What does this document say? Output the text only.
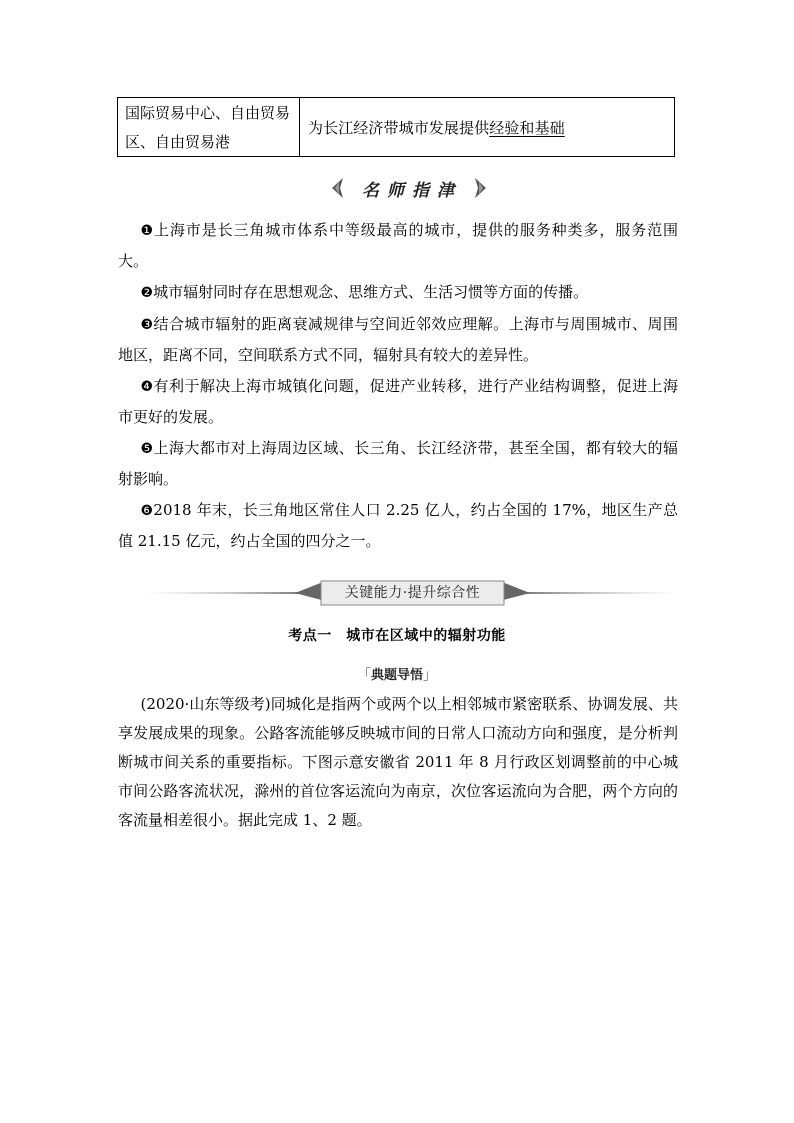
国际贸易中心、自由贸易区、自由贸易港
为长江经济带城市发展提供 经验和基础
名师指津

❶上海市是长三角城市体系中等级最高的城市，提供的服务种类多，服务范围大。

❷城市辐射同时存在思想观念、思维方式、生活习惯等方面的传播。

❸结合城市辐射的距离衰减规律与空间近邻效应理解。上海市与周围城市、周围地区，距离不同，空间联系方式不同，辐射具有较大的差异性。

❹有利于解决上海市城镇化问题，促进产业转移，进行产业结构调整，促进上海市更好的发展。

❺上海大都市对上海周边区域、长三角、长江经济带，甚至全国，都有较大的辐射影响。

❻2018 年末，长三角地区常住人口 2.25 亿人，约占全国的 17%，地区生产总值 21.15 亿元，约占全国的四分之一。

关键能力·提升综合性
考点一　城市在区域中的辐射功能
「典题导悟」

(2020·山东等级考)同城化是指两个或两个以上相邻城市紧密联系、协调发展、共享发展成果的现象。公路客流能够反映城市间的日常人口流动方向和强度，是分析判断城市间关系的重要指标。下图示意安徽省 2011 年 8 月行政区划调整前的中心城市间公路客流状况，滁州的首位客运流向为南京，次位客运流向为合肥，两个方向的客流量相差很小。据此完成 1、2 题。
